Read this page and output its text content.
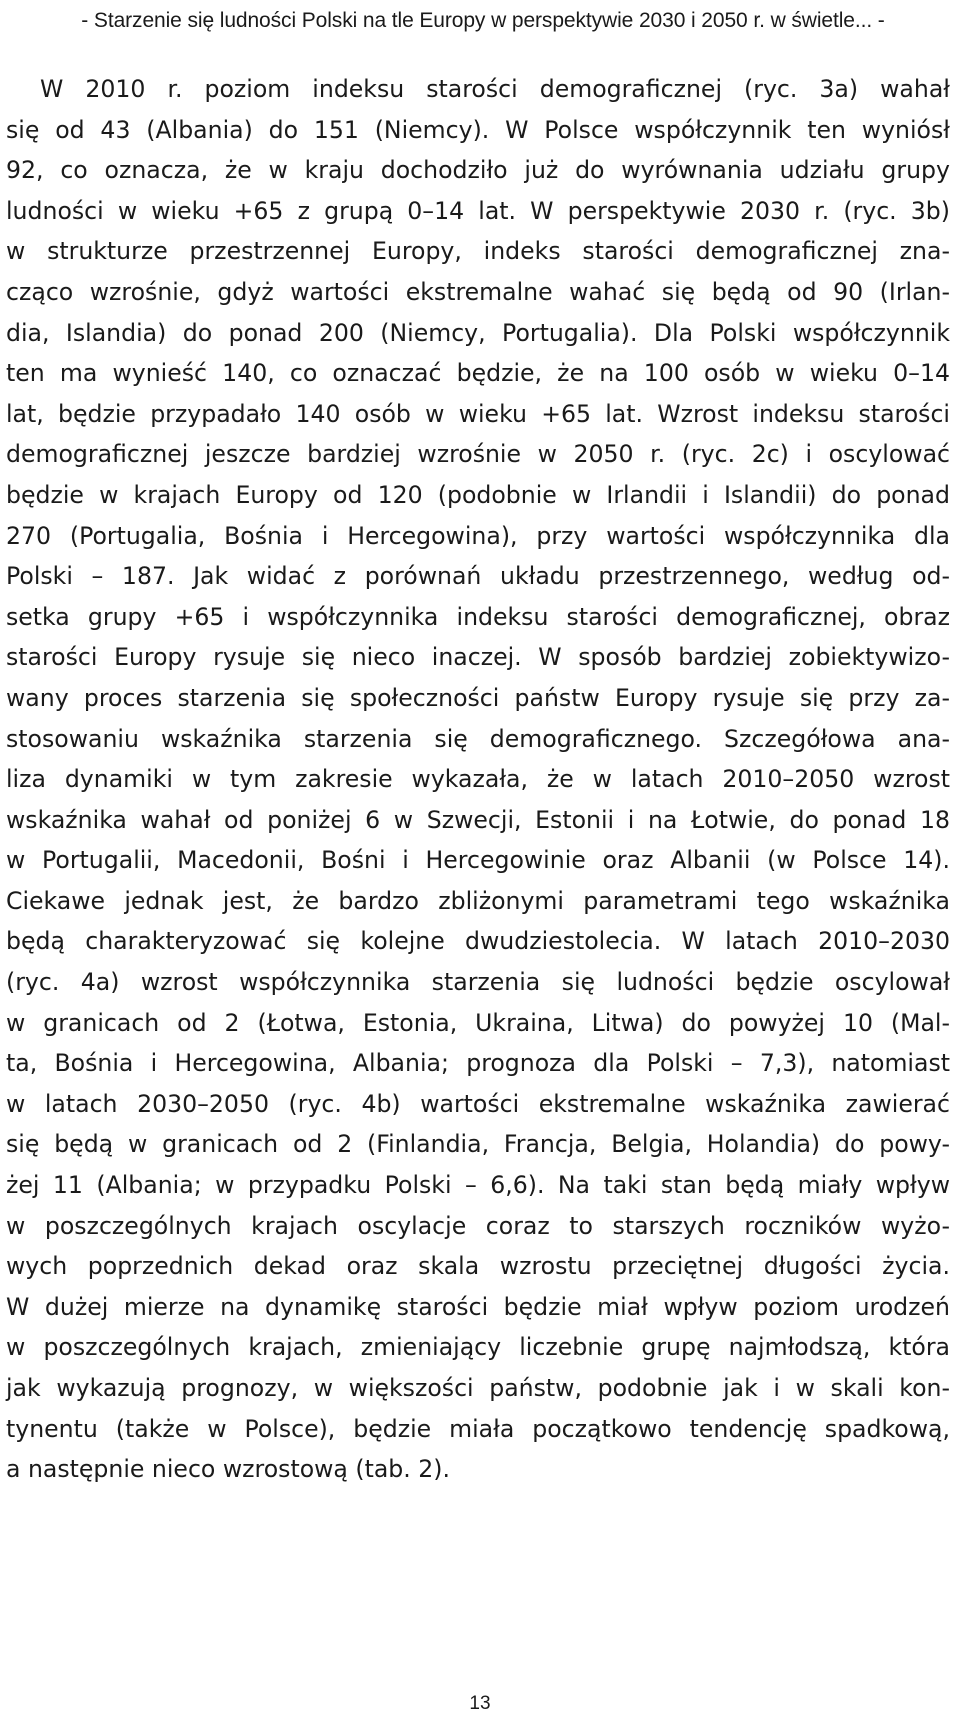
- Starzenie się ludności Polski na tle Europy w perspektywie 2030 i 2050 r. w świetle... -
W 2010 r. poziom indeksu starości demograficznej (ryc. 3a) wahał
się od 43 (Albania) do 151 (Niemcy). W Polsce współczynnik ten wyniósł
92, co oznacza, że w kraju dochodziło już do wyrównania udziału grupy
ludności w wieku +65 z grupą 0–14 lat. W perspektywie 2030 r. (ryc. 3b)
w strukturze przestrzennej Europy, indeks starości demograficznej zna-
cząco wzrośnie, gdyż wartości ekstremalne wahać się będą od 90 (Irlan-
dia, Islandia) do ponad 200 (Niemcy, Portugalia). Dla Polski współczynnik
ten ma wynieść 140, co oznaczać będzie, że na 100 osób w wieku 0–14
lat, będzie przypadało 140 osób w wieku +65 lat. Wzrost indeksu starości
demograficznej jeszcze bardziej wzrośnie w 2050 r. (ryc. 2c) i oscylować
będzie w krajach Europy od 120 (podobnie w Irlandii i Islandii) do ponad
270 (Portugalia, Bośnia i Hercegowina), przy wartości współczynnika dla
Polski – 187. Jak widać z porównań układu przestrzennego, według od-
setka grupy +65 i współczynnika indeksu starości demograficznej, obraz
starości Europy rysuje się nieco inaczej. W sposób bardziej zobiektywizo-
wany proces starzenia się społeczności państw Europy rysuje się przy za-
stosowaniu wskaźnika starzenia się demograficznego. Szczegółowa ana-
liza dynamiki w tym zakresie wykazała, że w latach 2010–2050 wzrost
wskaźnika wahał od poniżej 6 w Szwecji, Estonii i na Łotwie, do ponad 18
w Portugalii, Macedonii, Bośni i Hercegowinie oraz Albanii (w Polsce 14).
Ciekawe jednak jest, że bardzo zbliżonymi parametrami tego wskaźnika
będą charakteryzować się kolejne dwudziestolecia. W latach 2010–2030
(ryc. 4a) wzrost współczynnika starzenia się ludności będzie oscylował
w granicach od 2 (Łotwa, Estonia, Ukraina, Litwa) do powyżej 10 (Mal-
ta, Bośnia i Hercegowina, Albania; prognoza dla Polski – 7,3), natomiast
w latach 2030–2050 (ryc. 4b) wartości ekstremalne wskaźnika zawierać
się będą w granicach od 2 (Finlandia, Francja, Belgia, Holandia) do powy-
żej 11 (Albania; w przypadku Polski – 6,6). Na taki stan będą miały wpływ
w poszczególnych krajach oscylacje coraz to starszych roczników wyżo-
wych poprzednich dekad oraz skala wzrostu przeciętnej długości życia.
W dużej mierze na dynamikę starości będzie miał wpływ poziom urodzeń
w poszczególnych krajach, zmieniający liczebnie grupę najmłodszą, która
jak wykazują prognozy, w większości państw, podobnie jak i w skali kon-
tynentu (także w Polsce), będzie miała początkowo tendencję spadkową,
a następnie nieco wzrostową (tab. 2).
13
